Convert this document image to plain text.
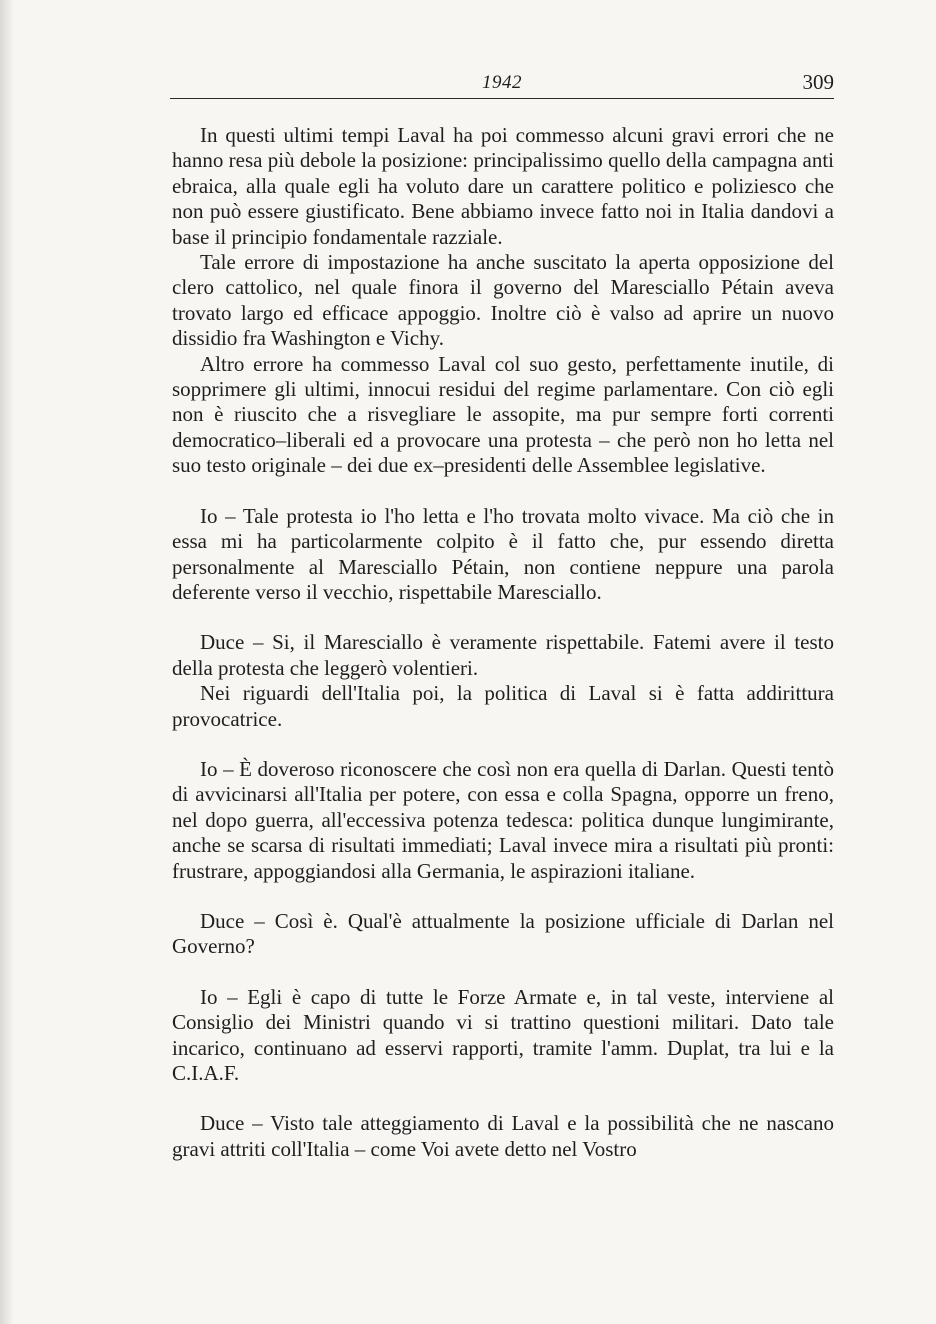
1942	309

In questi ultimi tempi Laval ha poi commesso alcuni gravi errori che ne hanno resa più debole la posizione: principalissimo quello della campagna anti ebraica, alla quale egli ha voluto dare un carattere politico e poliziesco che non può essere giustificato. Bene abbiamo invece fatto noi in Italia dandovi a base il principio fondamentale razziale.

Tale errore di impostazione ha anche suscitato la aperta opposizione del clero cattolico, nel quale finora il governo del Maresciallo Pétain aveva trovato largo ed efficace appoggio. Inoltre ciò è valso ad aprire un nuovo dissidio fra Washington e Vichy.

Altro errore ha commesso Laval col suo gesto, perfettamente inutile, di sopprimere gli ultimi, innocui residui del regime parlamentare. Con ciò egli non è riuscito che a risvegliare le assopite, ma pur sempre forti correnti democratico–liberali ed a provocare una protesta – che però non ho letta nel suo testo originale – dei due ex–presidenti delle Assemblee legislative.

Io – Tale protesta io l'ho letta e l'ho trovata molto vivace. Ma ciò che in essa mi ha particolarmente colpito è il fatto che, pur essendo diretta personalmente al Maresciallo Pétain, non contiene neppure una parola deferente verso il vecchio, rispettabile Maresciallo.

Duce – Si, il Maresciallo è veramente rispettabile. Fatemi avere il testo della protesta che leggerò volentieri.

Nei riguardi dell'Italia poi, la politica di Laval si è fatta addirittura provocatrice.

Io – È doveroso riconoscere che così non era quella di Darlan. Questi tentò di avvicinarsi all'Italia per potere, con essa e colla Spagna, opporre un freno, nel dopo guerra, all'eccessiva potenza tedesca: politica dunque lungimirante, anche se scarsa di risultati immediati; Laval invece mira a risultati più pronti: frustrare, appoggiandosi alla Germania, le aspirazioni italiane.

Duce – Così è. Qual'è attualmente la posizione ufficiale di Darlan nel Governo?

Io – Egli è capo di tutte le Forze Armate e, in tal veste, interviene al Consiglio dei Ministri quando vi si trattino questioni militari. Dato tale incarico, continuano ad esservi rapporti, tramite l'amm. Duplat, tra lui e la C.I.A.F.

Duce – Visto tale atteggiamento di Laval e la possibilità che ne nascano gravi attriti coll'Italia – come Voi avete detto nel Vostro
